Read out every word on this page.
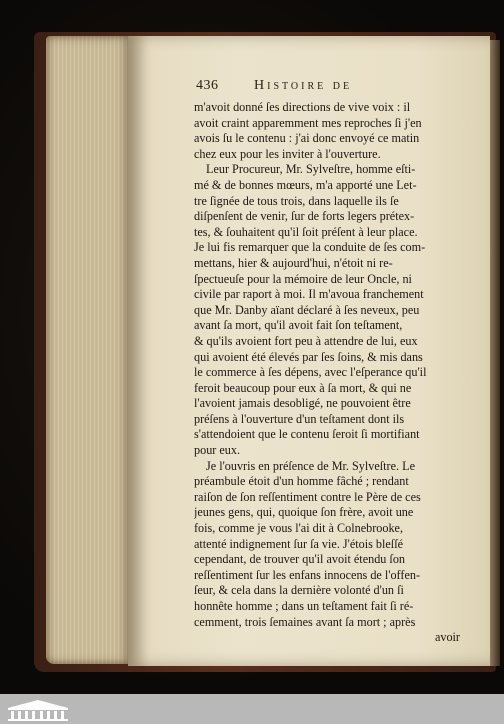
436	Histoire de
m'avoit donné ſes directions de vive voix : il
avoit craint apparemment mes reproches ſi j'en
avois ſu le contenu : j'ai donc envoyé ce matin
chez eux pour les inviter à l'ouverture.
Leur Procureur, Mr. Sylveſtre, homme eſti-
mé & de bonnes mœurs, m'a apporté une Let-
tre ſignée de tous trois, dans laquelle ils ſe
diſpenſent de venir, ſur de forts legers prétex-
tes, & ſouhaitent qu'il ſoit préſent à leur place.
Je lui fis remarquer que la conduite de ſes com-
mettans, hier & aujourd'hui, n'étoit ni re-
ſpectueuſe pour la mémoire de leur Oncle, ni
civile par raport à moi. Il m'avoua franchement
que Mr. Danby aïant déclaré à ſes neveux, peu
avant ſa mort, qu'il avoit fait ſon teſtament,
& qu'ils avoient fort peu à attendre de lui, eux
qui avoient été élevés par ſes ſoins, & mis dans
le commerce à ſes dépens, avec l'eſperance qu'il
feroit beaucoup pour eux à ſa mort, & qui ne
l'avoient jamais desobligé, ne pouvoient être
préſens à l'ouverture d'un teſtament dont ils
s'attendoient que le contenu ſeroit ſi mortifiant
pour eux.
Je l'ouvris en préſence de Mr. Sylveſtre. Le
préambule étoit d'un homme fâché ; rendant
raiſon de ſon reſſentiment contre le Père de ces
jeunes gens, qui, quoique ſon frère, avoit une
fois, comme je vous l'ai dit à Colnebrooke,
attenté indignement ſur ſa vie. J'étois bleſſé
cependant, de trouver qu'il avoit étendu ſon
reſſentiment ſur les enfans innocens de l'offen-
ſeur, & cela dans la dernière volonté d'un ſi
honnête homme ; dans un teſtament fait ſi ré-
cemment, trois ſemaines avant ſa mort ; après
avoir
